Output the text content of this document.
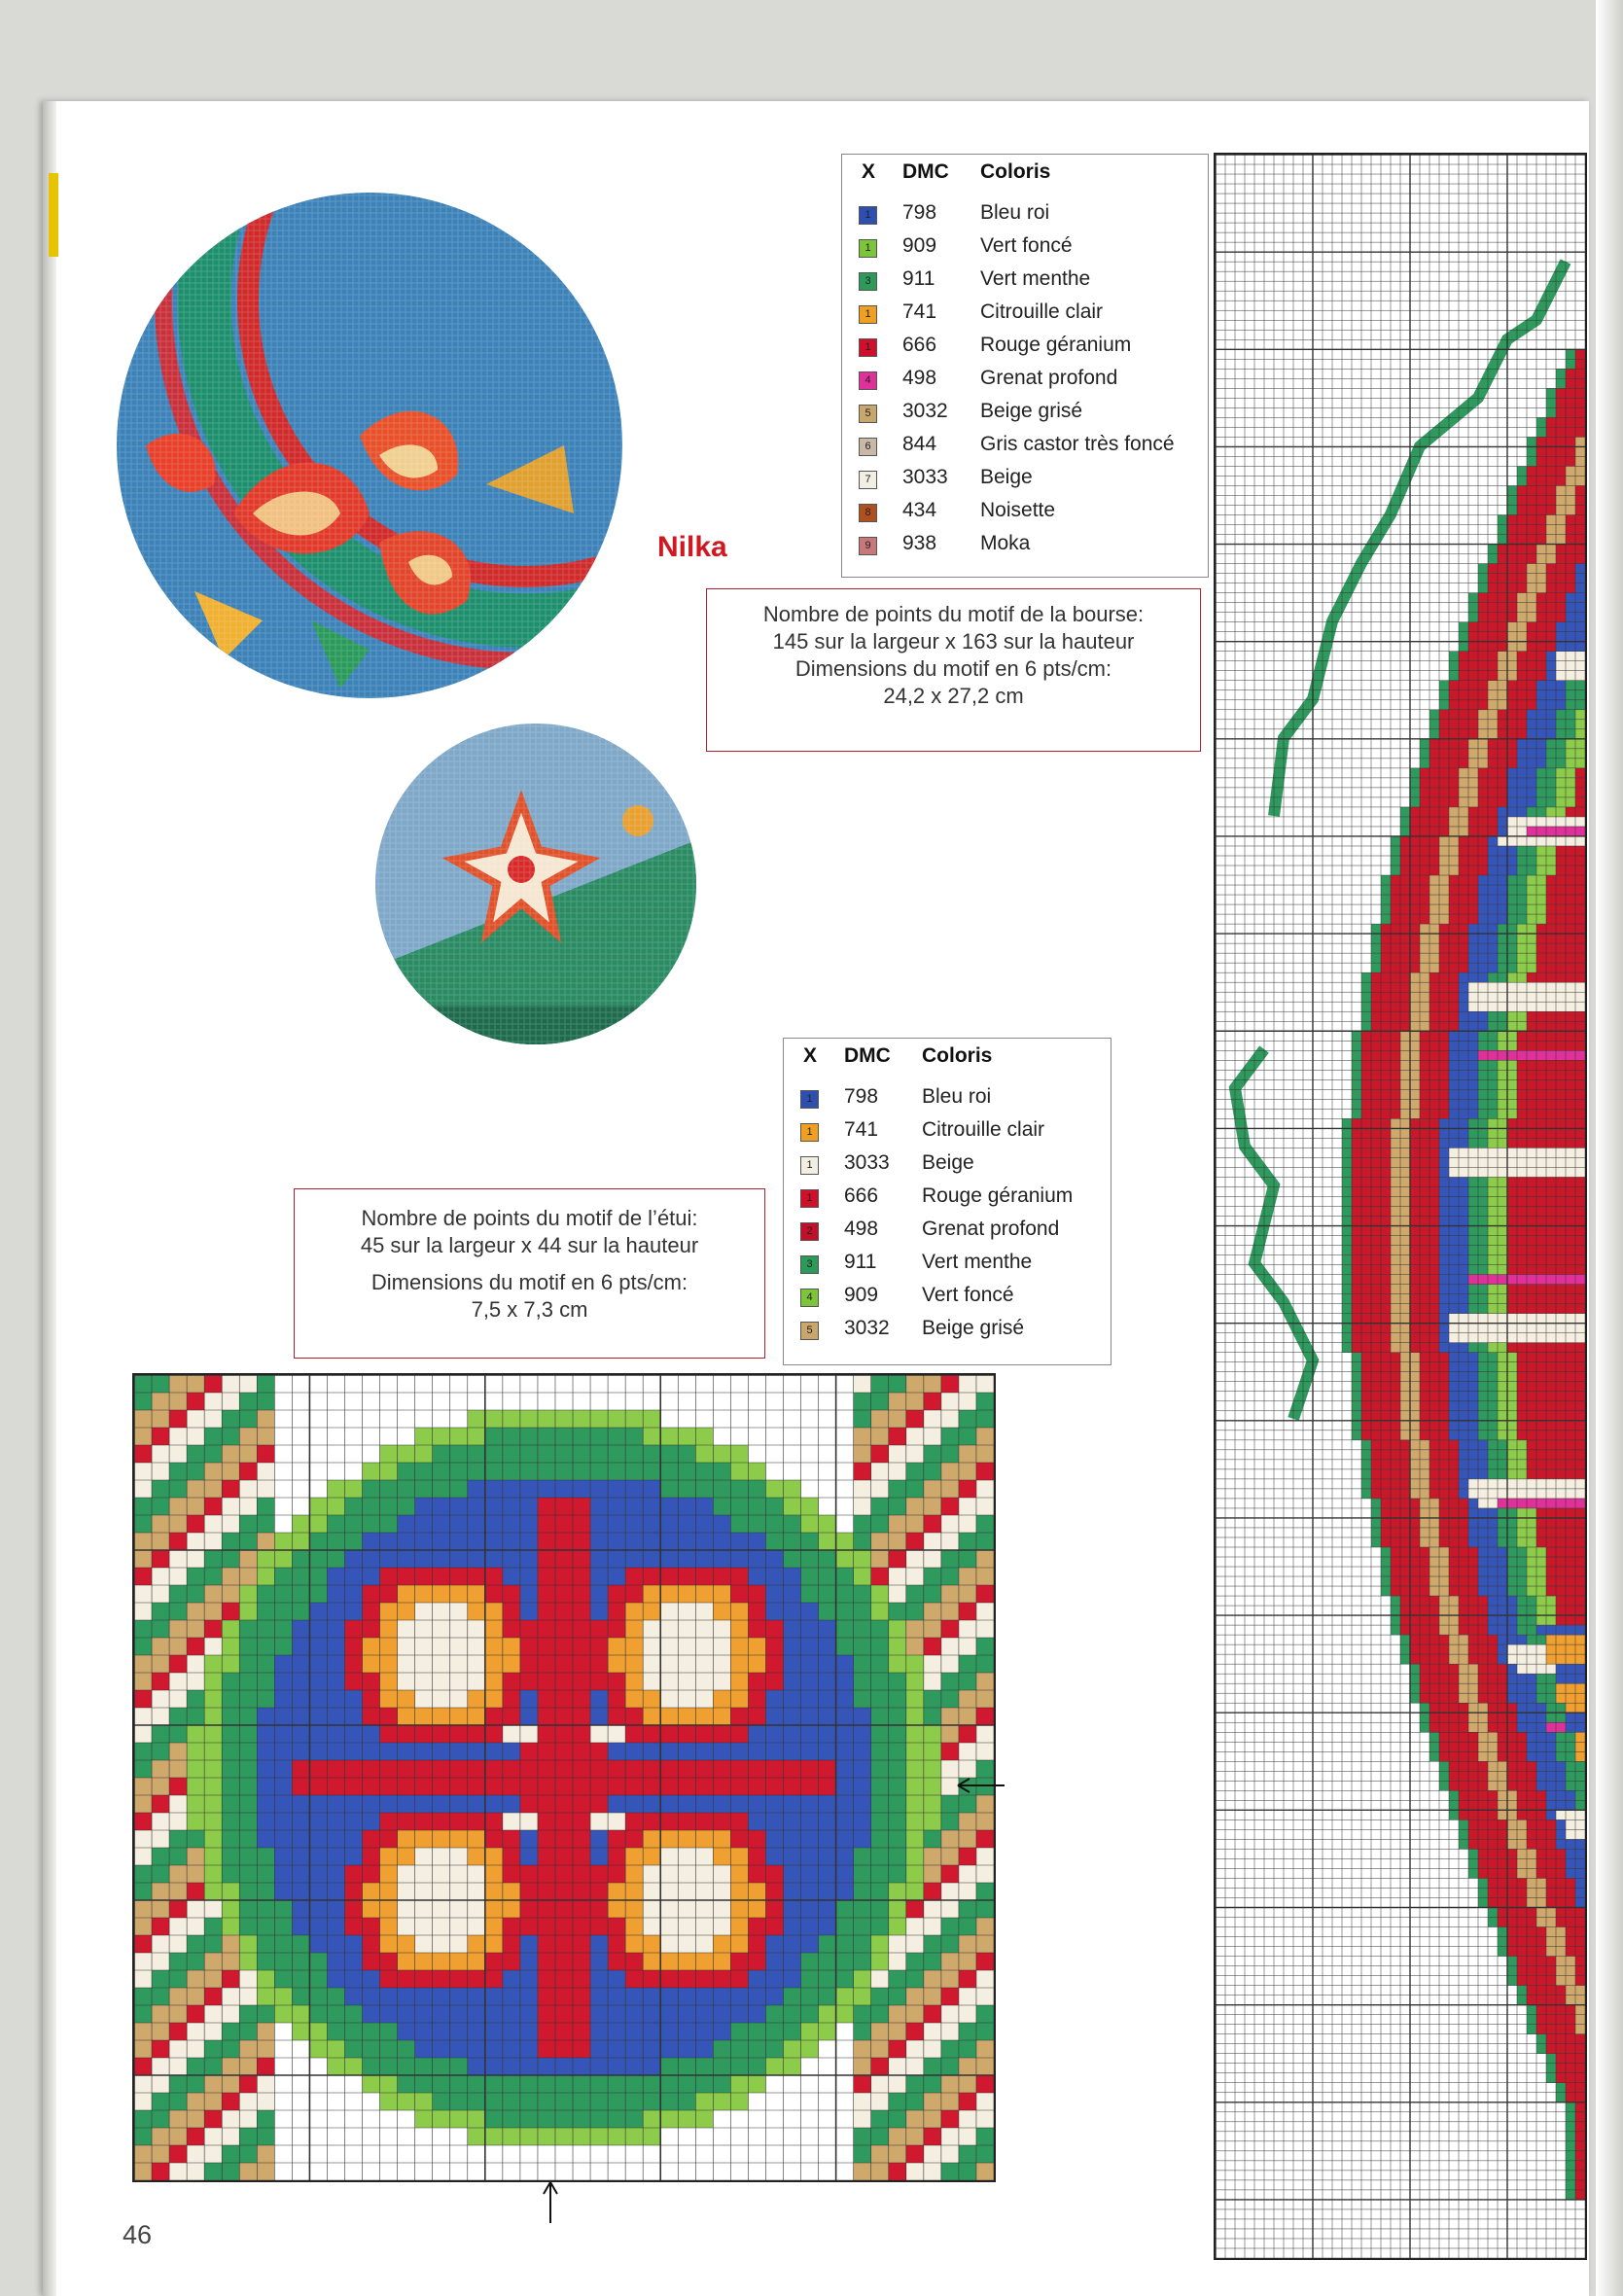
Nilka
X DMC Coloris
1	798 Bleu roi
1	909 Vert foncé
3	911 Vert menthe
1	741 Citrouille clair
1	666 Rouge géranium
4	498 Grenat profond
5	3032 Beige grisé
6	844 Gris castor très foncé
7	3033 Beige
8	434 Noisette
9	938 Moka
Nombre de points du motif de la bourse:
145 sur la largeur x 163 sur la hauteur
Dimensions du motif en 6 pts/cm:
24,2 x 27,2 cm
X DMC Coloris
1	798 Bleu roi
1	741 Citrouille clair
1	3033 Beige
1	666 Rouge géranium
2	498 Grenat profond
3	911 Vert menthe
4	909 Vert foncé
5	3032 Beige grisé
Nombre de points du motif de l’étui:
45 sur la largeur x 44 sur la hauteur
Dimensions du motif en 6 pts/cm:
7,5 x 7,3 cm
46
